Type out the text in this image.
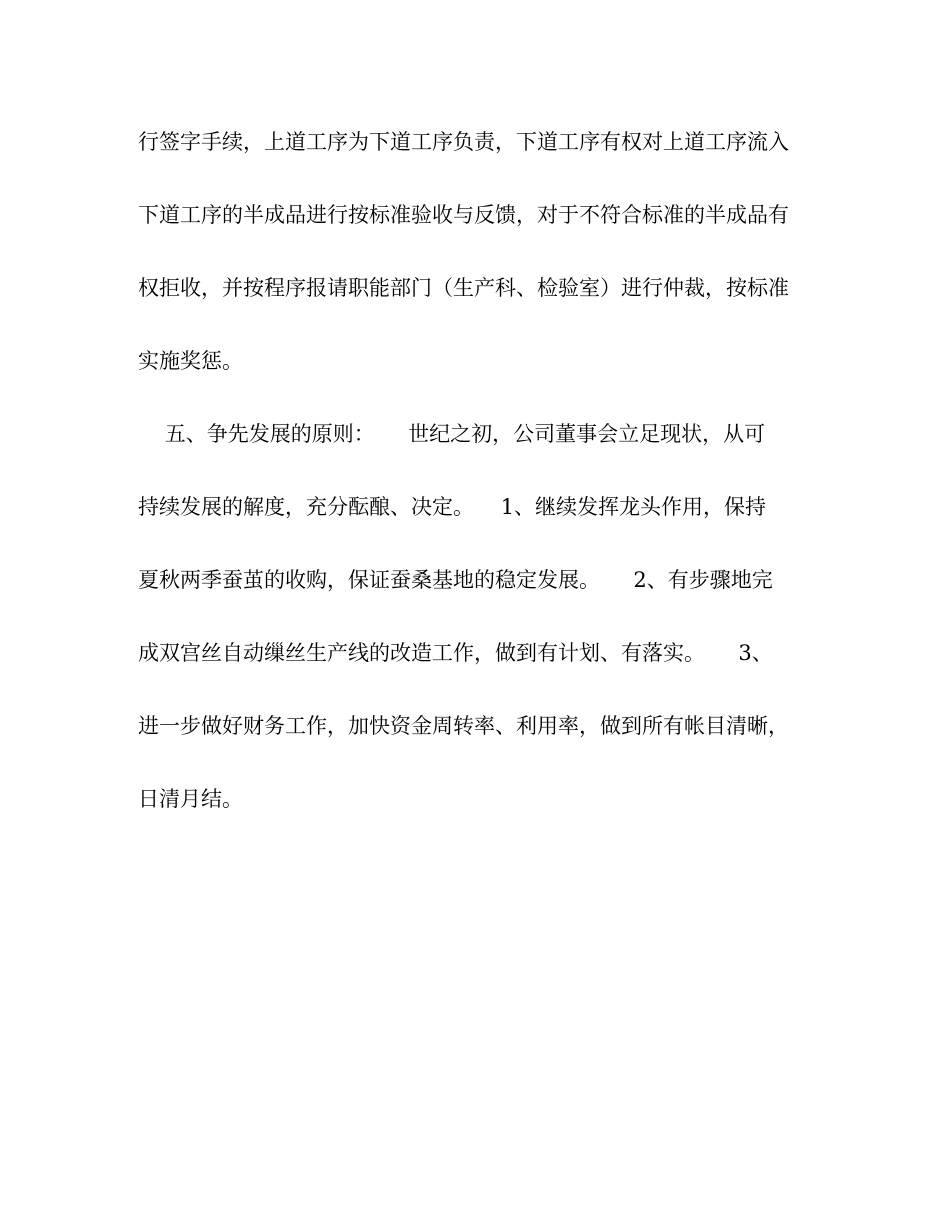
行签字手续，上道工序为下道工序负责，下道工序有权对上道工序流入
下道工序的半成品进行按标准验收与反馈，对于不符合标准的半成品有
权拒收，并按程序报请职能部门（生产科、检验室）进行仲裁，按标准
实施奖惩。
五、争先发展的原则：     世纪之初，公司董事会立足现状，从可
持续发展的解度，充分酝酿、决定。    1、继续发挥龙头作用，保持
夏秋两季蚕茧的收购，保证蚕桑基地的稳定发展。     2、有步骤地完
成双宫丝自动缫丝生产线的改造工作，做到有计划、有落实。     3、
进一步做好财务工作，加快资金周转率、利用率，做到所有帐目清晰，
日清月结。
